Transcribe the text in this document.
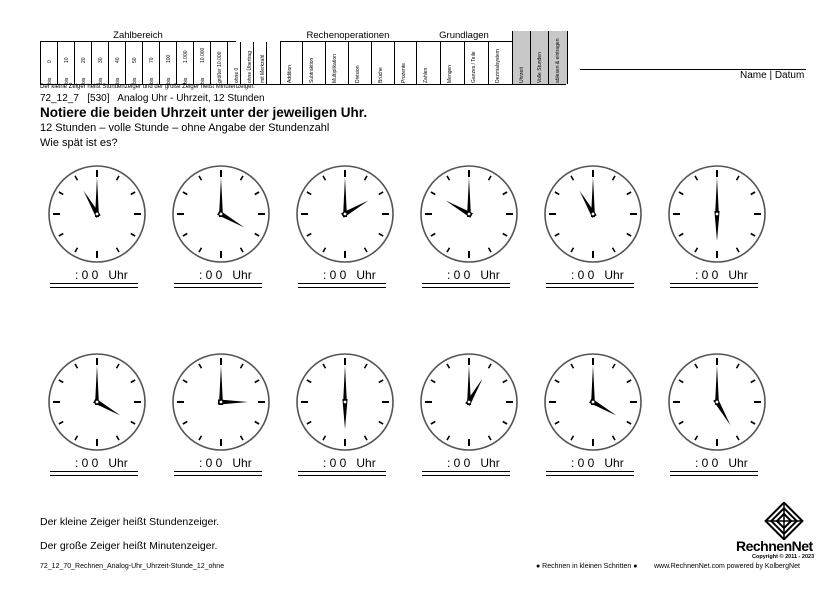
Zahlbereich	Rechenoperationen	Grundlagen
0
bis
10
bis
20
bis
30
bis
40
bis
50
bis
70
bis
100
bis
1.000
bis
10.000
bis	größer 10.000	ohne 0	ohne Übertrag	mit Merkzahl	Addition	Subtraktion	Multiplikation	Division	Brüche	Prozente	Zahlen	Mengen	Ganzes / Teile	Dezimalsystem	Uhrzeit	Volle Stunden	ablesen & eintragen	Name | Datum
Der kleine Zeiger heißt Stundenzeiger und der große Zeiger heißt Minutenzeiger.
72_12_7   [530]   Analog Uhr - Uhrzeit, 12 Stunden
Notiere die beiden Uhrzeit unter der jeweiligen Uhr.
12 Stunden – volle Stunde – ohne Angabe der Stundenzahl
Wie spät ist es?
: 0 0   Uhr	: 0 0   Uhr	: 0 0   Uhr	: 0 0   Uhr	: 0 0   Uhr	: 0 0   Uhr
: 0 0   Uhr	: 0 0   Uhr	: 0 0   Uhr	: 0 0   Uhr	: 0 0   Uhr	: 0 0   Uhr
Der kleine Zeiger heißt Stundenzeiger.
Der große Zeiger heißt Minutenzeiger.
72_12_70_Rechnen_Analog-Uhr_Uhrzeit-Stunde_12_ohne	● Rechnen in kleinen Schritten ● www.RechnenNet.com powered by KolbergNet
RechnenNet
Copyright © 2011 - 2023
